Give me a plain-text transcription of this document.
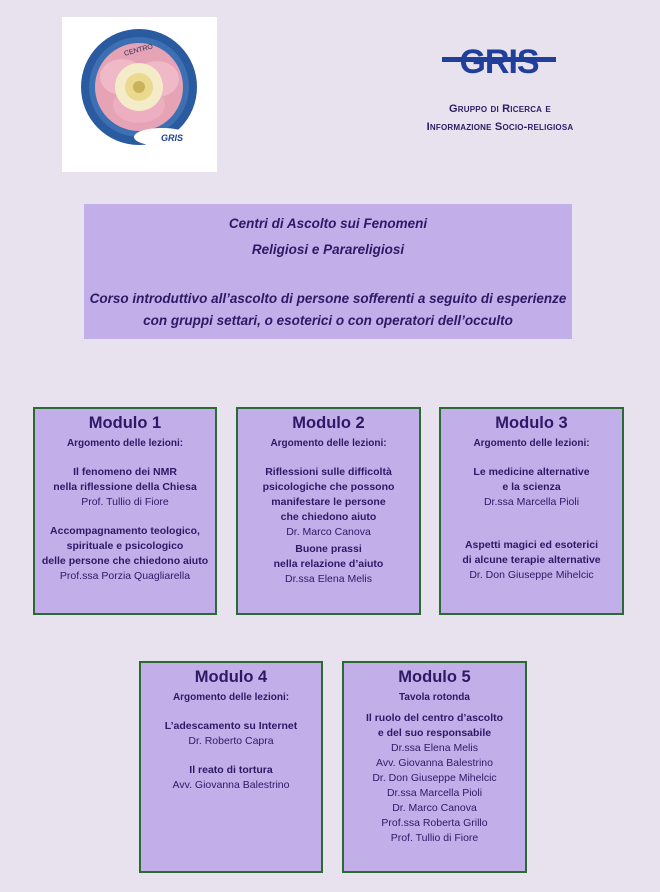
CENTRO
GRIS
GRIS
Gruppo di Ricerca e
Informazione Socio-religiosa
Centri di Ascolto sui Fenomeni
Religiosi e Parareligiosi
Corso introduttivo all’ascolto di persone sofferenti a seguito di esperienze
con gruppi settari, o esoterici o con operatori dell’occulto
Modulo 1
Argomento delle lezioni:
Il fenomeno dei NMR
nella riflessione della Chiesa
Prof. Tullio di Fiore
Accompagnamento teologico,
spirituale e psicologico
delle persone che chiedono aiuto
Prof.ssa Porzia Quagliarella
Modulo 2
Argomento delle lezioni:
Riflessioni sulle difficoltà
psicologiche che possono
manifestare le persone
che chiedono aiuto
Dr. Marco Canova
Buone prassi
nella relazione d’aiuto
Dr.ssa Elena Melis
Modulo 3
Argomento delle lezioni:
Le medicine alternative
e la scienza
Dr.ssa Marcella Pioli
Aspetti magici ed esoterici
di alcune terapie alternative
Dr. Don Giuseppe Mihelcic
Modulo 4
Argomento delle lezioni:
L’adescamento su Internet
Dr. Roberto Capra
Il reato di tortura
Avv. Giovanna Balestrino
Modulo 5
Tavola rotonda
Il ruolo del centro d’ascolto
e del suo responsabile
Dr.ssa Elena Melis
Avv. Giovanna Balestrino
Dr. Don Giuseppe Mihelcic
Dr.ssa Marcella Pioli
Dr. Marco Canova
Prof.ssa Roberta Grillo
Prof. Tullio di Fiore
